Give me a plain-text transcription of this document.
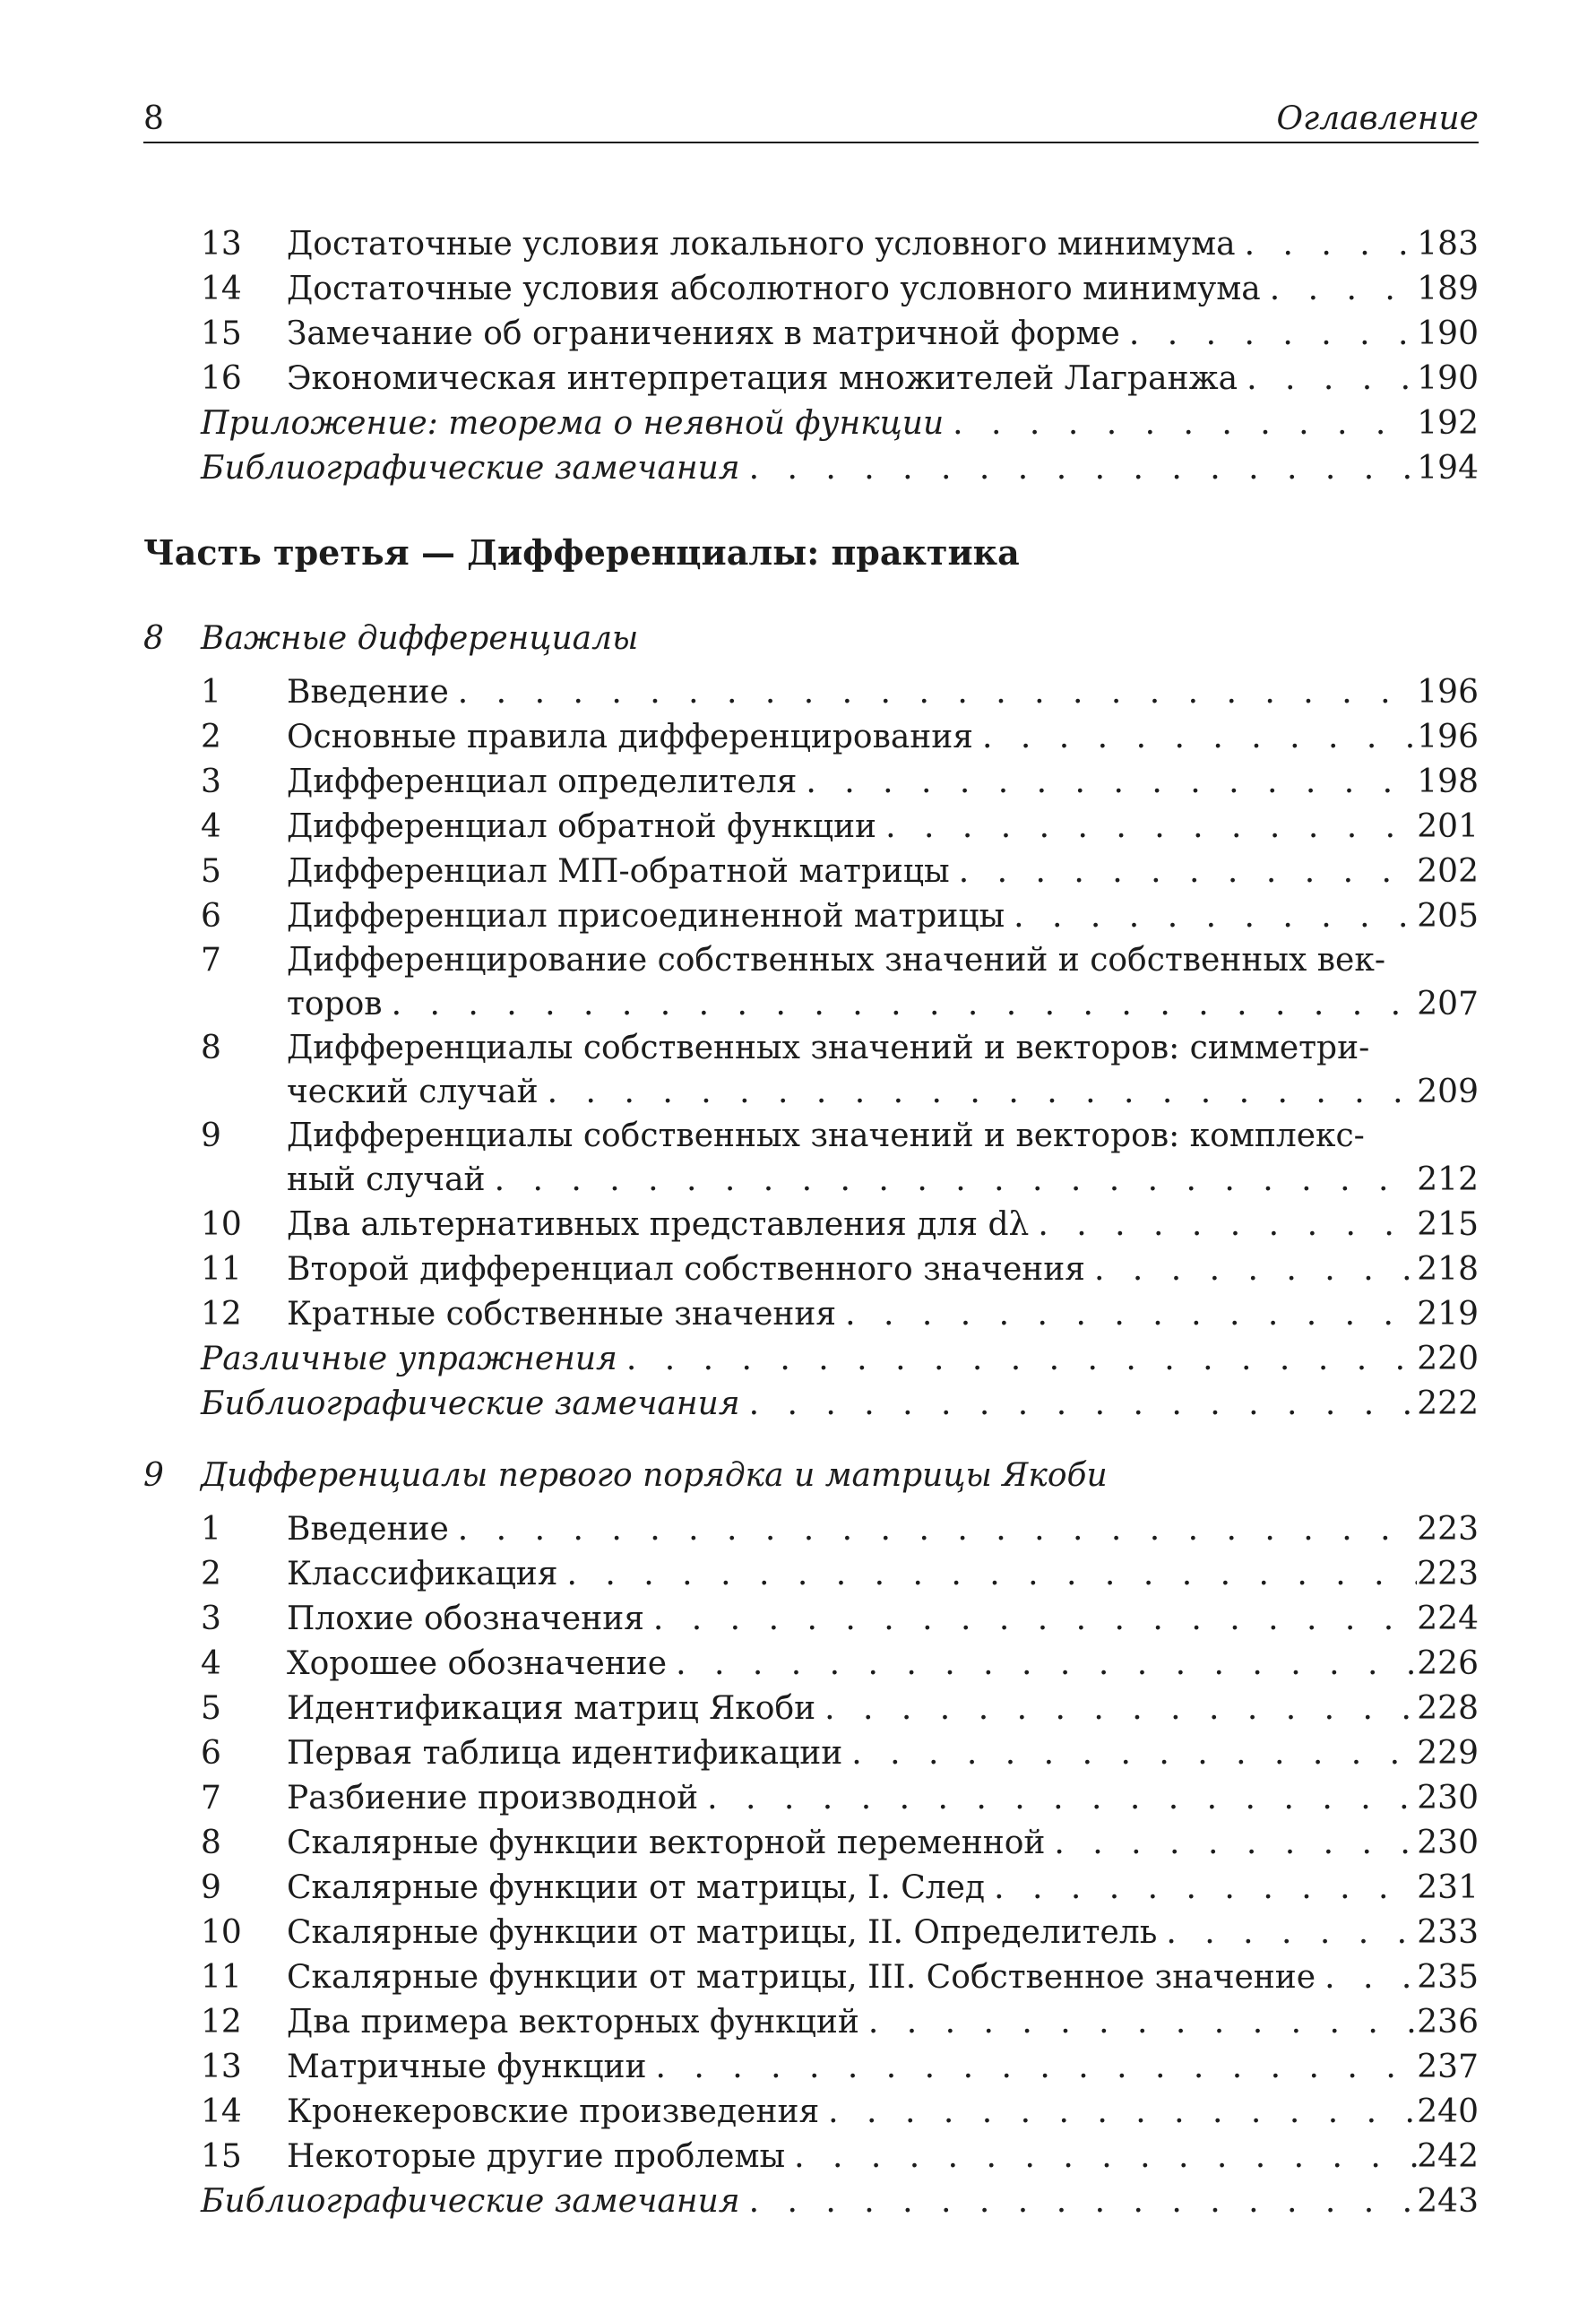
8	Оглавление
13	Достаточные условия локального условного минимума . . .	183
14	Достаточные условия абсолютного условного минимума . . .	189
15	Замечание об ограничениях в матричной форме . . .	190
16	Экономическая интерпретация множителей Лагранжа . . .	190
Приложение: теорема о неявной функции . . .	192
Библиографические замечания . . .	194
Часть третья — Дифференциалы: практика
8 Важные дифференциалы
1	Введение . . .	196
2	Основные правила дифференцирования . . .	196
3	Дифференциал определителя . . .	198
4	Дифференциал обратной функции . . .	201
5	Дифференциал МП-обратной матрицы . . .	202
6	Дифференциал присоединенной матрицы . . .	205
7	Дифференцирование собственных значений и собственных век-
торов . . .	207
8	Дифференциалы собственных значений и векторов: симметри-
ческий случай . . .	209
9	Дифференциалы собственных значений и векторов: комплекс-
ный случай . . .	212
10	Два альтернативных представления для dλ . . .	215
11	Второй дифференциал собственного значения . . .	218
12	Кратные собственные значения . . .	219
Различные упражнения . . .	220
Библиографические замечания . . .	222
9 Дифференциалы первого порядка и матрицы Якоби
1	Введение . . .	223
2	Классификация . . .	223
3	Плохие обозначения . . .	224
4	Хорошее обозначение . . .	226
5	Идентификация матриц Якоби . . .	228
6	Первая таблица идентификации . . .	229
7	Разбиение производной . . .	230
8	Скалярные функции векторной переменной . . .	230
9	Скалярные функции от матрицы, I. След . . .	231
10	Скалярные функции от матрицы, II. Определитель . . .	233
11	Скалярные функции от матрицы, III. Собственное значение . . .	235
12	Два примера векторных функций . . .	236
13	Матричные функции . . .	237
14	Кронекеровские произведения . . .	240
15	Некоторые другие проблемы . . .	242
Библиографические замечания . . .	243
